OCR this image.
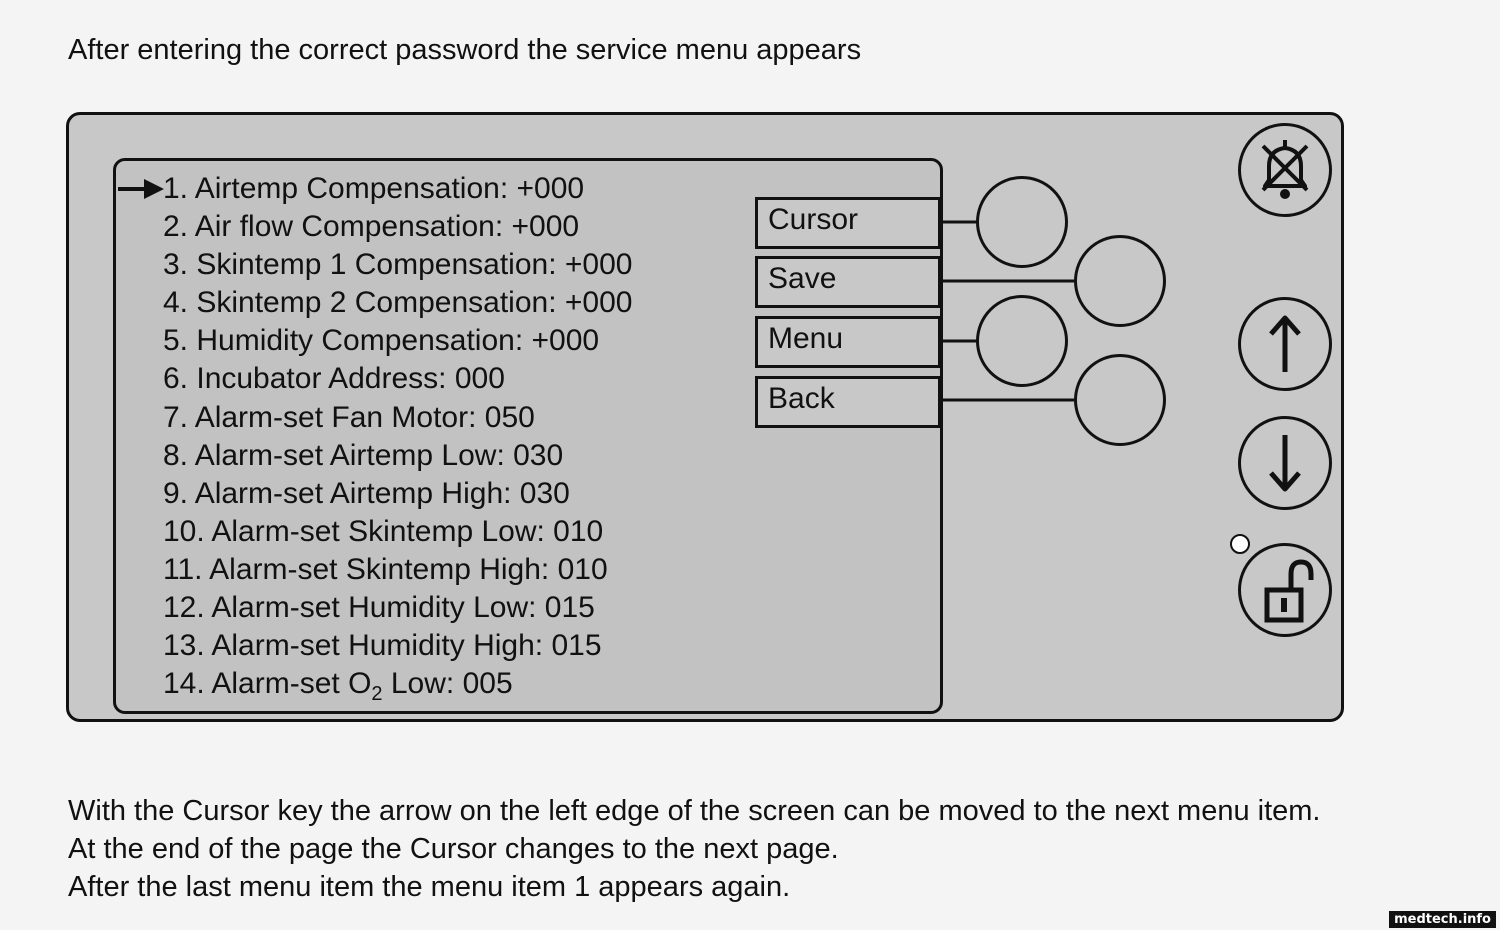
After entering the correct password the service menu appears
1. Airtemp Compensation: +000
2. Air flow Compensation: +000
3. Skintemp 1 Compensation: +000
4. Skintemp 2 Compensation: +000
5. Humidity Compensation: +000
6. Incubator Address: 000
7. Alarm-set Fan Motor: 050
8. Alarm-set Airtemp Low: 030
9. Alarm-set Airtemp High: 030
10. Alarm-set Skintemp Low: 010
11. Alarm-set Skintemp High: 010
12. Alarm-set Humidity Low: 015
13. Alarm-set Humidity High: 015
14. Alarm-set $O_2$ Low: 005
Cursor
Save
Menu
Back
With the Cursor key the arrow on the left edge of the screen can be moved to the next menu item.
At the end of the page the Cursor changes to the next page.
After the last menu item the menu item 1 appears again.
medtech.info
